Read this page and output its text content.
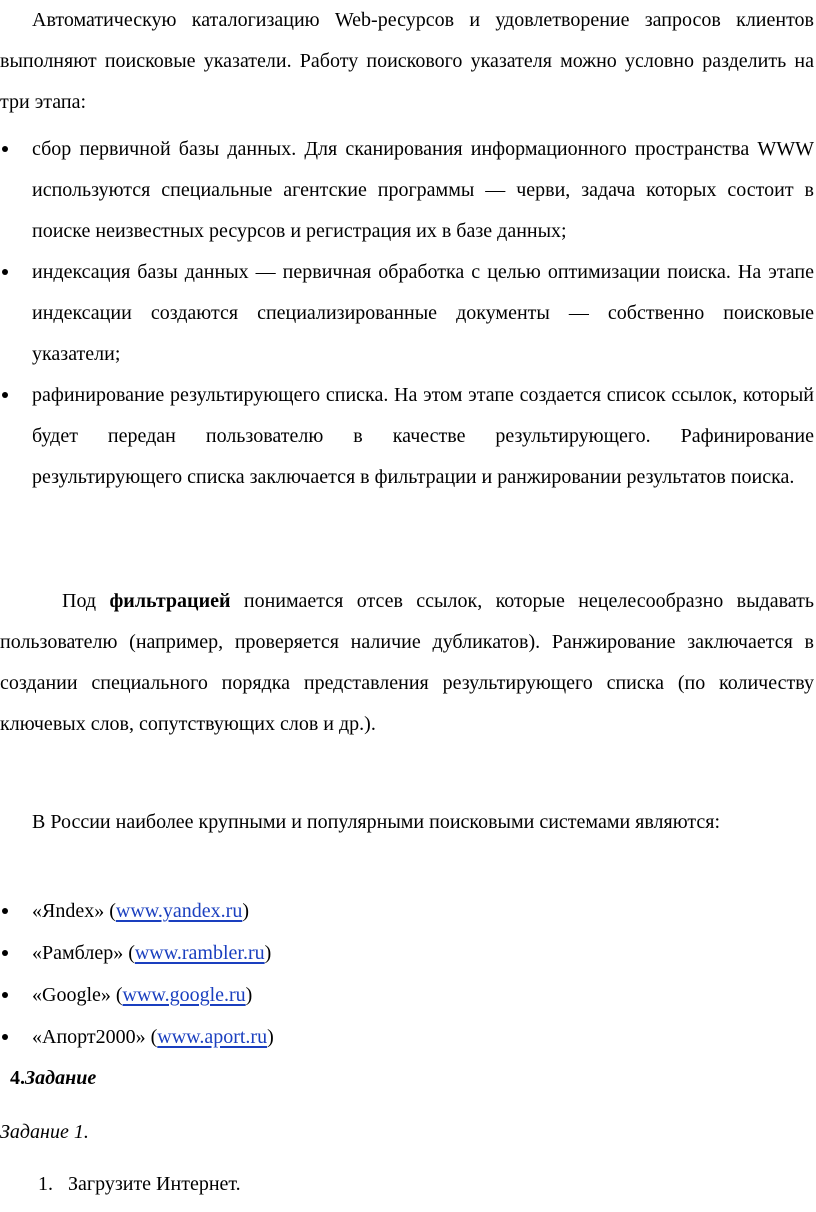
Автоматическую каталогизацию Web-ресурсов и удовлетворение запросов клиентов выполняют поисковые указатели. Работу поискового указателя можно условно разделить на три этапа:

сбор первичной базы данных. Для сканирования информационного пространства WWW используются специальные агентские программы — черви, задача которых состоит в поиске неизвестных ресурсов и регистрация их в базе данных;
индексация базы данных — первичная обработка с целью оптимизации поиска. На этапе индексации создаются специализированные документы — собственно поисковые указатели;
рафинирование результирующего списка. На этом этапе создается список ссылок, который будет передан пользователю в качестве результирующего. Рафинирование результирующего списка заключается в фильтрации и ранжировании результатов поиска.

Под фильтрацией понимается отсев ссылок, которые нецелесообразно выдавать пользователю (например, проверяется наличие дубликатов). Ранжирование заключается в создании специального порядка представления результирующего списка (по количеству ключевых слов, сопутствующих слов и др.).

В России наиболее крупными и популярными поисковыми системами являются:

«Яndex» (www.yandex.ru)
«Рамблер» (www.rambler.ru)
«Google» (www.google.ru)
«Апорт2000» (www.aport.ru)
4.Задание
Задание 1.
1. Загрузите Интернет.
